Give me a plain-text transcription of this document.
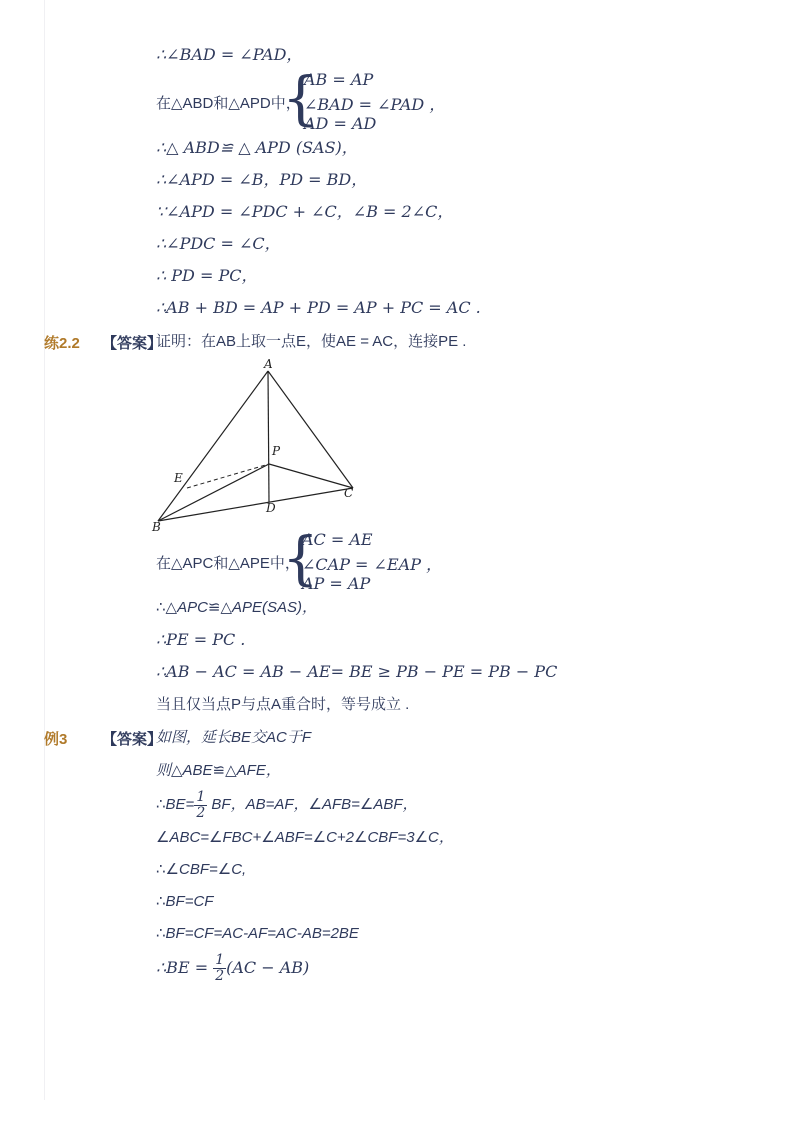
∴∠BAD = ∠PAD，
在△ABD和△APD中，
{
AB = AP
∠BAD = ∠PAD ，
AD = AD
∴△ ABD≌ △ APD (SAS)，
∴∠APD = ∠B，PD = BD，
∵∠APD = ∠PDC + ∠C，∠B = 2∠C，
∴∠PDC = ∠C，
∴ PD = PC，
∴AB + BD = AP + PD = AP + PC = AC .
练2.2 【答案】
证明：在AB上取一点E，使AE = AC，连接PE .
A
P
E
C
D
B
在△APC和△APE中，
{
AC = AE
∠CAP = ∠EAP ，
AP = AP
∴△APC≌△APE(SAS)，
∴PE = PC .
∴AB − AC = AB − AE= BE ≥ PB − PE = PB − PC
当且仅当点P与点A重合时，等号成立 .
例3 【答案】
如图，延长BE交AC于F
则△ABE≌△AFE，
∴BE= $\frac{1}{2}$ BF，AB=AF，∠AFB=∠ABF，
∠ABC=∠FBC+∠ABF=∠C+2∠CBF=3∠C，
∴∠CBF=∠C,
∴BF=CF
∴BF=CF=AC-AF=AC-AB=2BE
∴BE = $\frac{1}{2} (AC - AB)$
